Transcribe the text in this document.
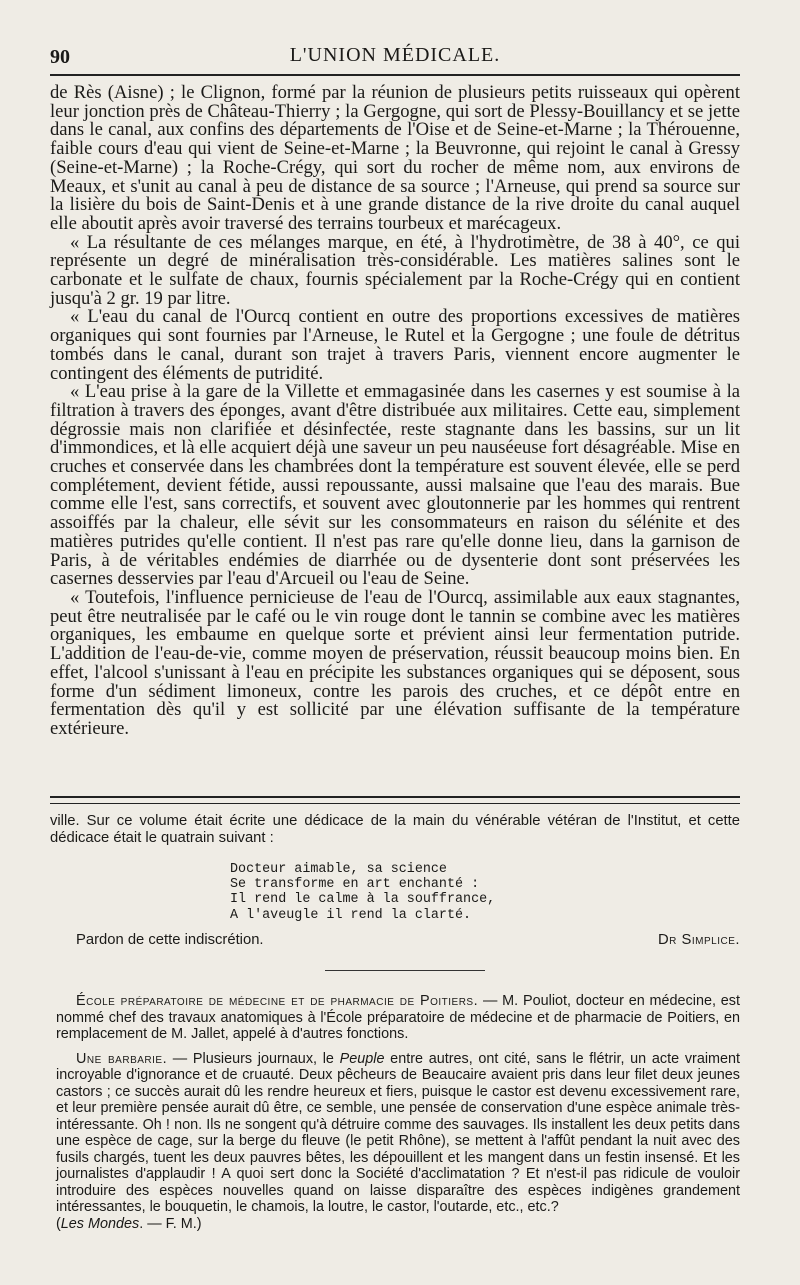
90	L'UNION MÉDICALE.

de Rès (Aisne) ; le Clignon, formé par la réunion de plusieurs petits ruisseaux qui opèrent leur jonction près de Château-Thierry ; la Gergogne, qui sort de Plessy-Bouillancy et se jette dans le canal, aux confins des départements de l'Oise et de Seine-et-Marne ; la Thérouenne, faible cours d'eau qui vient de Seine-et-Marne ; la Beuvronne, qui rejoint le canal à Gressy (Seine-et-Marne) ; la Roche-Crégy, qui sort du rocher de même nom, aux environs de Meaux, et s'unit au canal à peu de distance de sa source ; l'Arneuse, qui prend sa source sur la lisière du bois de Saint-Denis et à une grande distance de la rive droite du canal auquel elle aboutit après avoir traversé des terrains tourbeux et marécageux.

« La résultante de ces mélanges marque, en été, à l'hydrotimètre, de 38 à 40°, ce qui représente un degré de minéralisation très-considérable. Les matières salines sont le carbonate et le sulfate de chaux, fournis spécialement par la Roche-Crégy qui en contient jusqu'à 2 gr. 19 par litre.

« L'eau du canal de l'Ourcq contient en outre des proportions excessives de matières organiques qui sont fournies par l'Arneuse, le Rutel et la Gergogne ; une foule de détritus tombés dans le canal, durant son trajet à travers Paris, viennent encore augmenter le contingent des éléments de putridité.

« L'eau prise à la gare de la Villette et emmagasinée dans les casernes y est soumise à la filtration à travers des éponges, avant d'être distribuée aux militaires. Cette eau, simplement dégrossie mais non clarifiée et désinfectée, reste stagnante dans les bassins, sur un lit d'immondices, et là elle acquiert déjà une saveur un peu nauséeuse fort désagréable. Mise en cruches et conservée dans les chambrées dont la température est souvent élevée, elle se perd complétement, devient fétide, aussi repoussante, aussi malsaine que l'eau des marais. Bue comme elle l'est, sans correctifs, et souvent avec gloutonnerie par les hommes qui rentrent assoiffés par la chaleur, elle sévit sur les consommateurs en raison du sélénite et des matières putrides qu'elle contient. Il n'est pas rare qu'elle donne lieu, dans la garnison de Paris, à de véritables endémies de diarrhée ou de dysenterie dont sont préservées les casernes desservies par l'eau d'Arcueil ou l'eau de Seine.

« Toutefois, l'influence pernicieuse de l'eau de l'Ourcq, assimilable aux eaux stagnantes, peut être neutralisée par le café ou le vin rouge dont le tannin se combine avec les matières organiques, les embaume en quelque sorte et prévient ainsi leur fermentation putride. L'addition de l'eau-de-vie, comme moyen de préservation, réussit beaucoup moins bien. En effet, l'alcool s'unissant à l'eau en précipite les substances organiques qui se déposent, sous forme d'un sédiment limoneux, contre les parois des cruches, et ce dépôt entre en fermentation dès qu'il y est sollicité par une élévation suffisante de la température extérieure.

ville. Sur ce volume était écrite une dédicace de la main du vénérable vétéran de l'Institut, et cette dédicace était le quatrain suivant :

Docteur aimable, sa science
Se transforme en art enchanté :
Il rend le calme à la souffrance,
A l'aveugle il rend la clarté.
Pardon de cette indiscrétion.	Dr Simplice.

École préparatoire de médecine et de pharmacie de Poitiers. — M. Pouliot, docteur en médecine, est nommé chef des travaux anatomiques à l'École préparatoire de médecine et de pharmacie de Poitiers, en remplacement de M. Jallet, appelé à d'autres fonctions.

Une barbarie. — Plusieurs journaux, le Peuple entre autres, ont cité, sans le flétrir, un acte vraiment incroyable d'ignorance et de cruauté. Deux pêcheurs de Beaucaire avaient pris dans leur filet deux jeunes castors ; ce succès aurait dû les rendre heureux et fiers, puisque le castor est devenu excessivement rare, et leur première pensée aurait dû être, ce semble, une pensée de conservation d'une espèce animale très-intéressante. Oh ! non. Ils ne songent qu'à détruire comme des sauvages. Ils installent les deux petits dans une espèce de cage, sur la berge du fleuve (le petit Rhône), se mettent à l'affût pendant la nuit avec des fusils chargés, tuent les deux pauvres bêtes, les dépouillent et les mangent dans un festin insensé. Et les journalistes d'applaudir ! A quoi sert donc la Société d'acclimatation ? Et n'est-il pas ridicule de vouloir introduire des espèces nouvelles quand on laisse disparaître des espèces indigènes grandement intéressantes, le bouquetin, le chamois, la loutre, le castor, l'outarde, etc., etc.?
(Les Mondes. — F. M.)
